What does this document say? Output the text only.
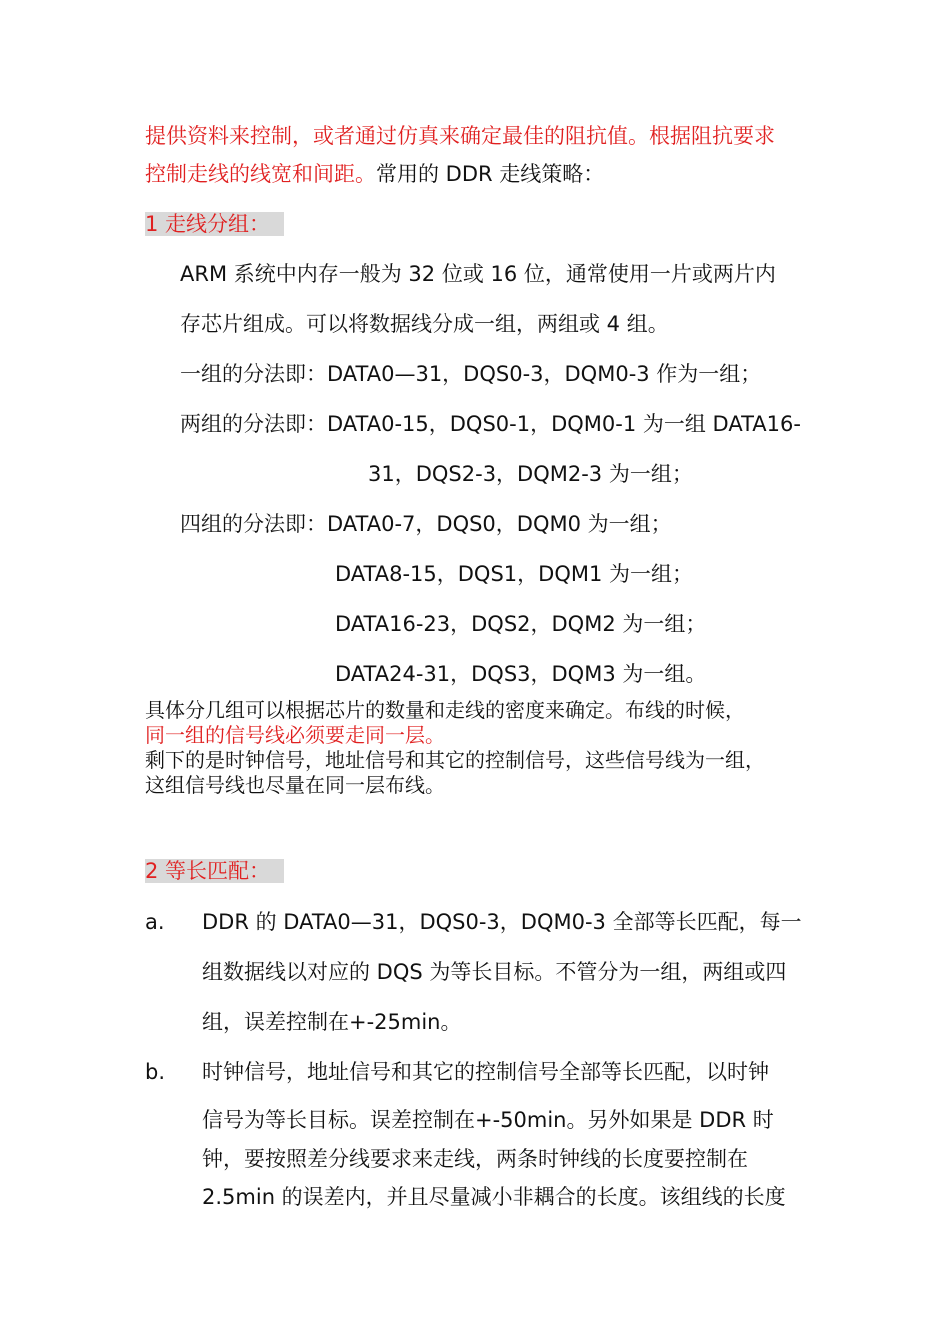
提供资料来控制，或者通过仿真来确定最佳的阻抗值。根据阻抗要求
控制走线的线宽和间距。常用的 DDR 走线策略：
1 走线分组：
ARM 系统中内存一般为 32 位或 16 位，通常使用一片或两片内
存芯片组成。可以将数据线分成一组，两组或 4 组。
一组的分法即：DATA0—31，DQS0-3，DQM0-3 作为一组；
两组的分法即：DATA0-15，DQS0-1，DQM0-1 为一组 DATA16-
31，DQS2-3，DQM2-3 为一组；
四组的分法即：DATA0-7，DQS0，DQM0 为一组；
DATA8-15，DQS1，DQM1 为一组；
DATA16-23，DQS2，DQM2 为一组；
DATA24-31，DQS3，DQM3 为一组。
具体分几组可以根据芯片的数量和走线的密度来确定。布线的时候，
同一组的信号线必须要走同一层。
剩下的是时钟信号，地址信号和其它的控制信号，这些信号线为一组，
这组信号线也尽量在同一层布线。
2 等长匹配：
a. DDR 的 DATA0—31，DQS0-3，DQM0-3 全部等长匹配，每一
组数据线以对应的 DQS 为等长目标。不管分为一组，两组或四
组，误差控制在+-25min。
b. 时钟信号，地址信号和其它的控制信号全部等长匹配，以时钟
信号为等长目标。误差控制在+-50min。另外如果是 DDR 时
钟，要按照差分线要求来走线，两条时钟线的长度要控制在
2.5min 的误差内，并且尽量减小非耦合的长度。该组线的长度
